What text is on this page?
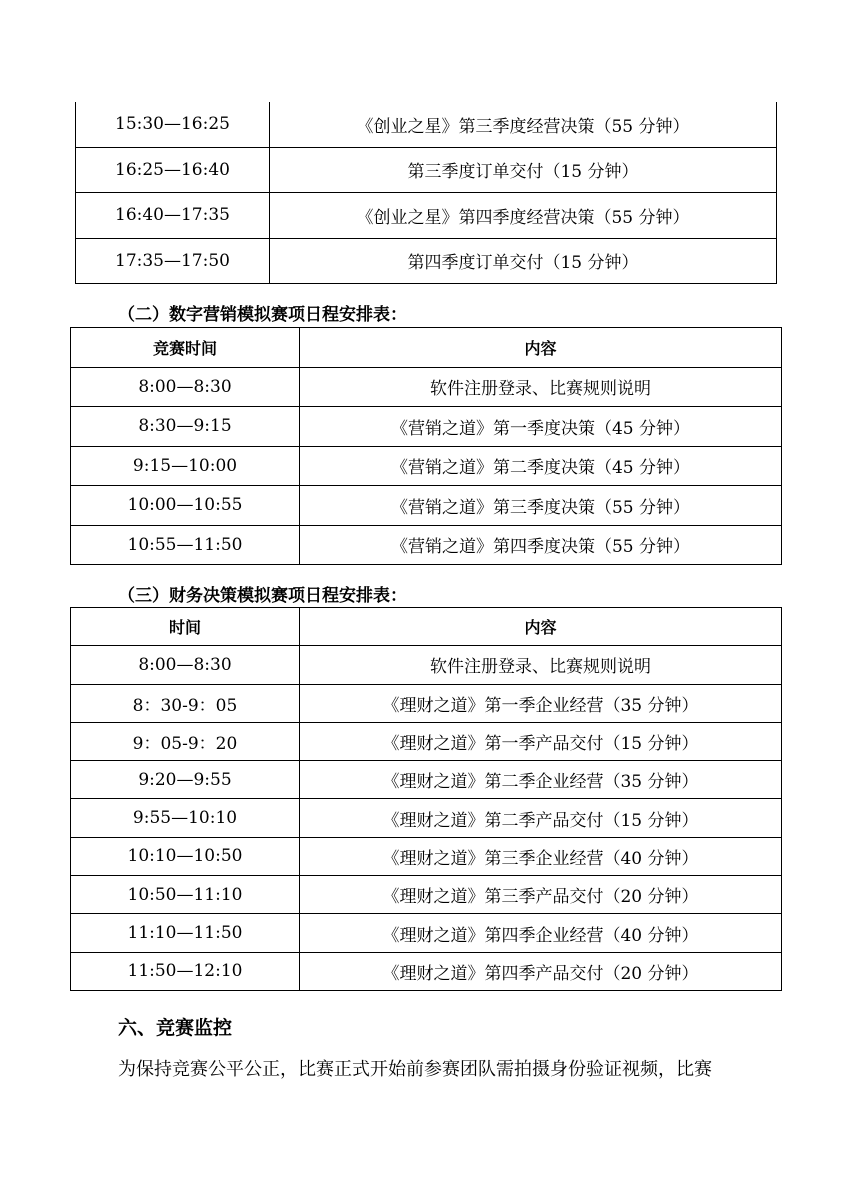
15:30—16:25	《创业之星》第三季度经营决策（55 分钟）
16:25—16:40	第三季度订单交付（15 分钟）
16:40—17:35	《创业之星》第四季度经营决策（55 分钟）
17:35—17:50	第四季度订单交付（15 分钟）
（二）数字营销模拟赛项日程安排表：
竞赛时间	内容
8:00—8:30	软件注册登录、比赛规则说明
8:30—9:15	《营销之道》第一季度决策（45 分钟）
9:15—10:00	《营销之道》第二季度决策（45 分钟）
10:00—10:55	《营销之道》第三季度决策（55 分钟）
10:55—11:50	《营销之道》第四季度决策（55 分钟）
（三）财务决策模拟赛项日程安排表：
时间	内容
8:00—8:30	软件注册登录、比赛规则说明
8：30-9：05	《理财之道》第一季企业经营（35 分钟）
9：05-9：20	《理财之道》第一季产品交付（15 分钟）
9:20—9:55	《理财之道》第二季企业经营（35 分钟）
9:55—10:10	《理财之道》第二季产品交付（15 分钟）
10:10—10:50	《理财之道》第三季企业经营（40 分钟）
10:50—11:10	《理财之道》第三季产品交付（20 分钟）
11:10—11:50	《理财之道》第四季企业经营（40 分钟）
11:50—12:10	《理财之道》第四季产品交付（20 分钟）
六、竞赛监控
为保持竞赛公平公正，比赛正式开始前参赛团队需拍摄身份验证视频，比赛
